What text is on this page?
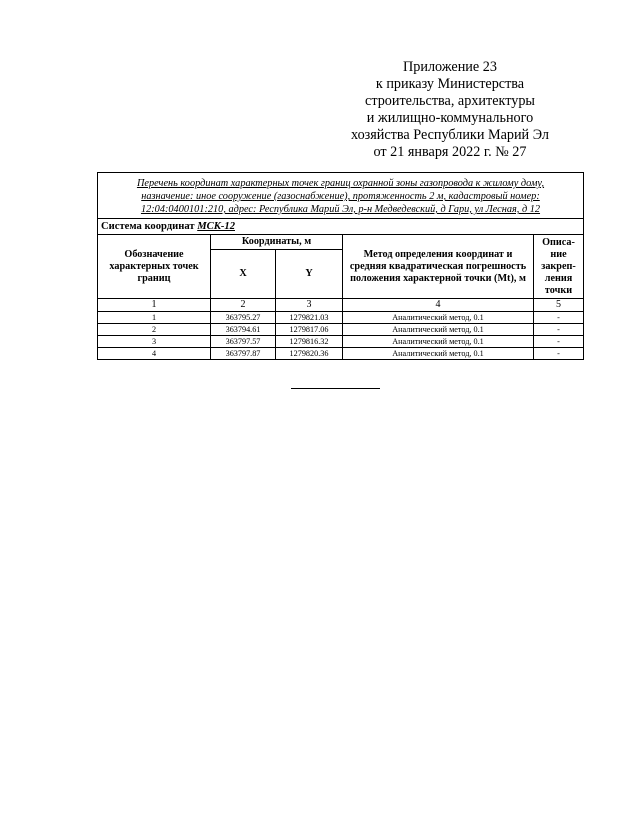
Приложение 23
к приказу Министерства
строительства, архитектуры
и жилищно-коммунального
хозяйства Республики Марий Эл
от 21 января 2022 г. № 27
Перечень координат характерных точек границ охранной зоны газопровода к жилому дому,
назначение: иное сооружение (газоснабжение), протяженность 2 м, кадастровый номер:
12:04:0400101:210, адрес: Республика Марий Эл, р-н Медведевский, д Гари, ул Лесная, д 12				

Система координат МСК-12				
Обозначение характерных точек границ	Координаты, м		Метод определения координат и средняя квадратическая погрешность положения характерной точки (Mt), м	Описа-ние закреп-ления точки
	X	Y		
1	2	3	4	5
1	363795.27	1279821.03	Аналитический метод, 0.1	-
2	363794.61	1279817.06	Аналитический метод, 0.1	-
3	363797.57	1279816.32	Аналитический метод, 0.1	-
4	363797.87	1279820.36	Аналитический метод, 0.1	-
